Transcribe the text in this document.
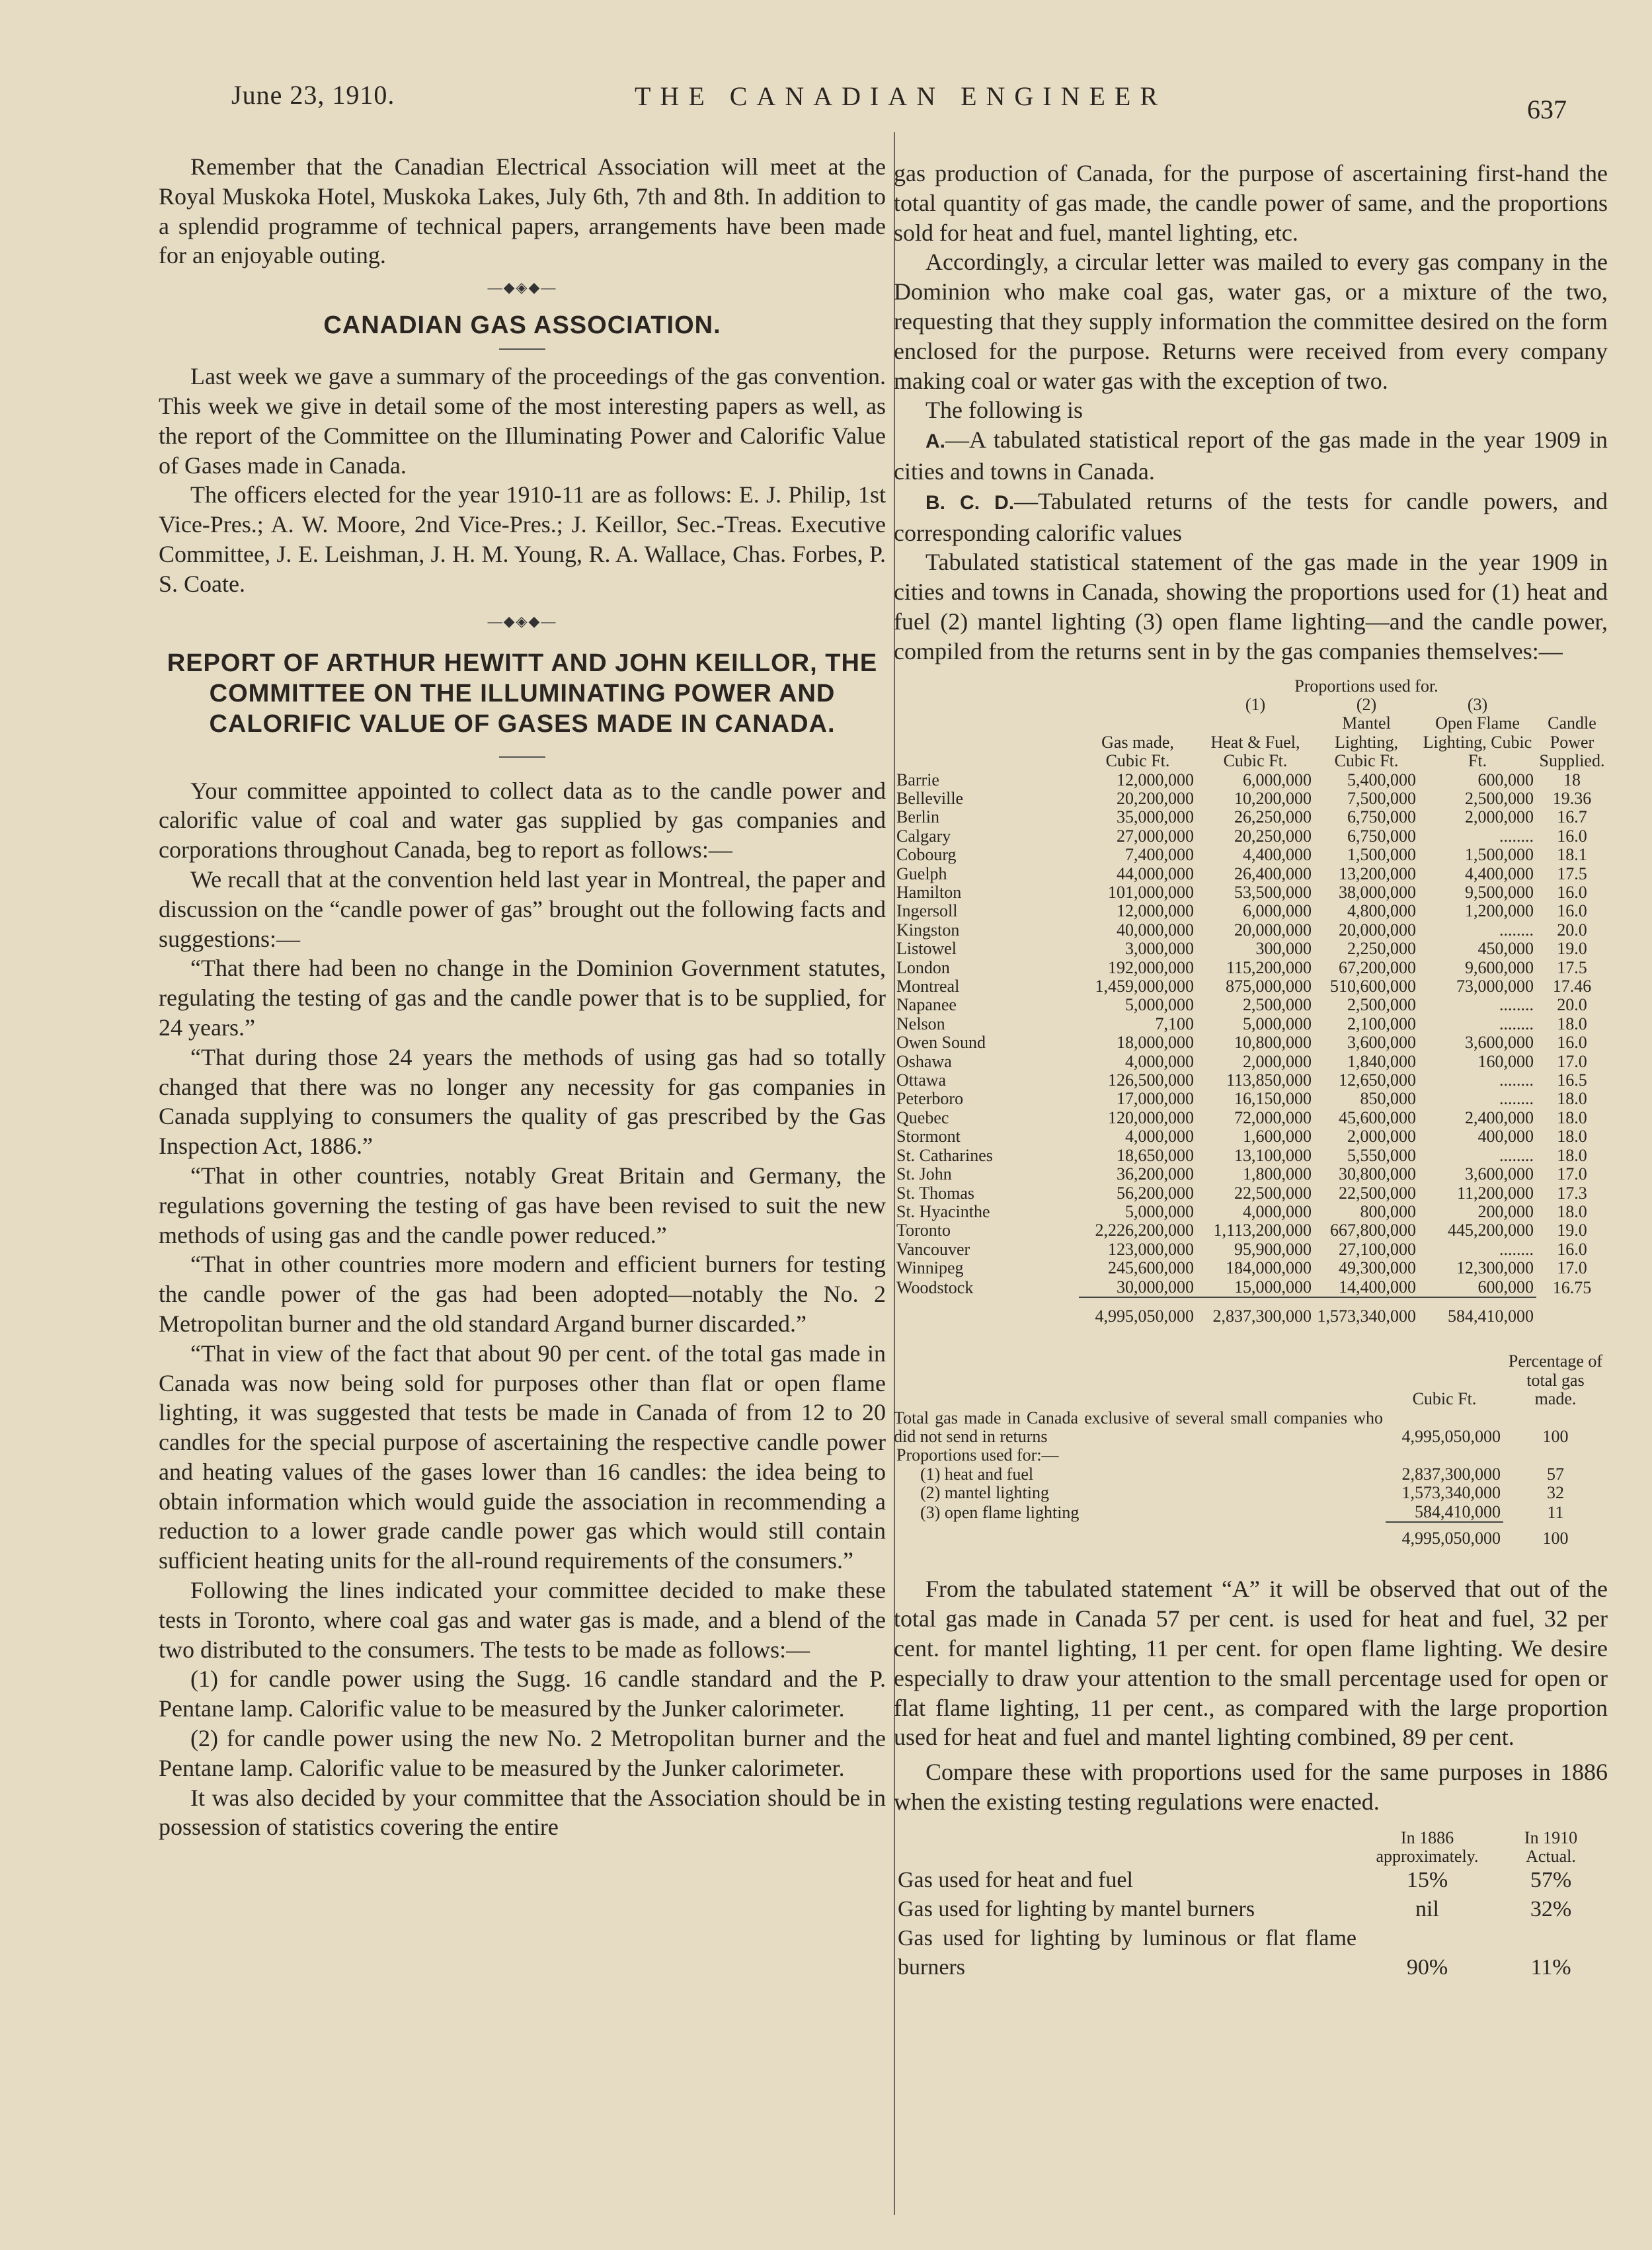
June 23, 1910.	THE CANADIAN ENGINEER	637

Remember that the Canadian Electrical Association will meet at the Royal Muskoka Hotel, Muskoka Lakes, July 6th, 7th and 8th. In addition to a splendid programme of technical papers, arrangements have been made for an enjoyable outing.

—◆◈◆—
CANADIAN GAS ASSOCIATION.

Last week we gave a summary of the proceedings of the gas convention. This week we give in detail some of the most interesting papers as well, as the report of the Committee on the Illuminating Power and Calorific Value of Gases made in Canada.

The officers elected for the year 1910-11 are as follows: E. J. Philip, 1st Vice-Pres.; A. W. Moore, 2nd Vice-Pres.; J. Keillor, Sec.-Treas. Executive Committee, J. E. Leishman, J. H. M. Young, R. A. Wallace, Chas. Forbes, P. S. Coate.

—◆◈◆—
REPORT OF ARTHUR HEWITT AND JOHN KEILLOR, THE COMMITTEE ON THE ILLUMINATING POWER AND CALORIFIC VALUE OF GASES MADE IN CANADA.

Your committee appointed to collect data as to the candle power and calorific value of coal and water gas supplied by gas companies and corporations throughout Canada, beg to report as follows:—

We recall that at the convention held last year in Montreal, the paper and discussion on the “candle power of gas” brought out the following facts and suggestions:—

“That there had been no change in the Dominion Government statutes, regulating the testing of gas and the candle power that is to be supplied, for 24 years.”

“That during those 24 years the methods of using gas had so totally changed that there was no longer any necessity for gas companies in Canada supplying to consumers the quality of gas prescribed by the Gas Inspection Act, 1886.”

“That in other countries, notably Great Britain and Germany, the regulations governing the testing of gas have been revised to suit the new methods of using gas and the candle power reduced.”

“That in other countries more modern and efficient burners for testing the candle power of the gas had been adopted—notably the No. 2 Metropolitan burner and the old standard Argand burner discarded.”

“That in view of the fact that about 90 per cent. of the total gas made in Canada was now being sold for purposes other than flat or open flame lighting, it was suggested that tests be made in Canada of from 12 to 20 candles for the special purpose of ascertaining the respective candle power and heating values of the gases lower than 16 candles: the idea being to obtain information which would guide the association in recommending a reduction to a lower grade candle power gas which would still contain sufficient heating units for the all-round requirements of the consumers.”

Following the lines indicated your committee decided to make these tests in Toronto, where coal gas and water gas is made, and a blend of the two distributed to the consumers. The tests to be made as follows:—

(1) for candle power using the Sugg. 16 candle standard and the P. Pentane lamp. Calorific value to be measured by the Junker calorimeter.

(2) for candle power using the new No. 2 Metropolitan burner and the Pentane lamp. Calorific value to be measured by the Junker calorimeter.

It was also decided by your committee that the Association should be in possession of statistics covering the entire

gas production of Canada, for the purpose of ascertaining first-hand the total quantity of gas made, the candle power of same, and the proportions sold for heat and fuel, mantel lighting, etc.

Accordingly, a circular letter was mailed to every gas company in the Dominion who make coal gas, water gas, or a mixture of the two, requesting that they supply information the committee desired on the form enclosed for the purpose. Returns were received from every company making coal or water gas with the exception of two.

The following is

A.—A tabulated statistical report of the gas made in the year 1909 in cities and towns in Canada.

B. C. D.—Tabulated returns of the tests for candle powers, and corresponding calorific values

Tabulated statistical statement of the gas made in the year 1909 in cities and towns in Canada, showing the proportions used for (1) heat and fuel (2) mantel lighting (3) open flame lighting—and the candle power, compiled from the returns sent in by the gas companies themselves:—

		Proportions used for.			
		(1)	(2)	(3)	
	Gas made, Cubic Ft.	Heat & Fuel, Cubic Ft.	Mantel Lighting, Cubic Ft.	Open Flame Lighting, Cubic Ft.	Candle Power Supplied.
Barrie	12,000,000	6,000,000	5,400,000	600,000	18
Belleville	20,200,000	10,200,000	7,500,000	2,500,000	19.36
Berlin	35,000,000	26,250,000	6,750,000	2,000,000	16.7
Calgary	27,000,000	20,250,000	6,750,000	........	16.0
Cobourg	7,400,000	4,400,000	1,500,000	1,500,000	18.1
Guelph	44,000,000	26,400,000	13,200,000	4,400,000	17.5
Hamilton	101,000,000	53,500,000	38,000,000	9,500,000	16.0
Ingersoll	12,000,000	6,000,000	4,800,000	1,200,000	16.0
Kingston	40,000,000	20,000,000	20,000,000	........	20.0
Listowel	3,000,000	300,000	2,250,000	450,000	19.0
London	192,000,000	115,200,000	67,200,000	9,600,000	17.5
Montreal	1,459,000,000	875,000,000	510,600,000	73,000,000	17.46
Napanee	5,000,000	2,500,000	2,500,000	........	20.0
Nelson	7,100	5,000,000	2,100,000	........	18.0
Owen Sound	18,000,000	10,800,000	3,600,000	3,600,000	16.0
Oshawa	4,000,000	2,000,000	1,840,000	160,000	17.0
Ottawa	126,500,000	113,850,000	12,650,000	........	16.5
Peterboro	17,000,000	16,150,000	850,000	........	18.0
Quebec	120,000,000	72,000,000	45,600,000	2,400,000	18.0
Stormont	4,000,000	1,600,000	2,000,000	400,000	18.0
St. Catharines	18,650,000	13,100,000	5,550,000	........	18.0
St. John	36,200,000	1,800,000	30,800,000	3,600,000	17.0
St. Thomas	56,200,000	22,500,000	22,500,000	11,200,000	17.3
St. Hyacinthe	5,000,000	4,000,000	800,000	200,000	18.0
Toronto	2,226,200,000	1,113,200,000	667,800,000	445,200,000	19.0
Vancouver	123,000,000	95,900,000	27,100,000	........	16.0
Winnipeg	245,600,000	184,000,000	49,300,000	12,300,000	17.0
Woodstock	30,000,000	15,000,000	14,400,000	600,000	16.75
	4,995,050,000	2,837,300,000	1,573,340,000	584,410,000	
	Cubic Ft.	Percentage of total gas made.
Total gas made in Canada exclusive of several small companies who did not send in returns	4,995,050,000	100
Proportions used for:—		
(1) heat and fuel	2,837,300,000	57
(2) mantel lighting	1,573,340,000	32
(3) open flame lighting	584,410,000	11
	4,995,050,000	100

From the tabulated statement “A” it will be observed that out of the total gas made in Canada 57 per cent. is used for heat and fuel, 32 per cent. for mantel lighting, 11 per cent. for open flame lighting. We desire especially to draw your attention to the small percentage used for open or flat flame lighting, 11 per cent., as compared with the large proportion used for heat and fuel and mantel lighting combined, 89 per cent.

Compare these with proportions used for the same purposes in 1886 when the existing testing regulations were enacted.

	In 1886 approximately.	In 1910 Actual.
Gas used for heat and fuel	15%	57%
Gas used for lighting by mantel burners	nil	32%
Gas used for lighting by luminous or flat flame burners	90%	11%
